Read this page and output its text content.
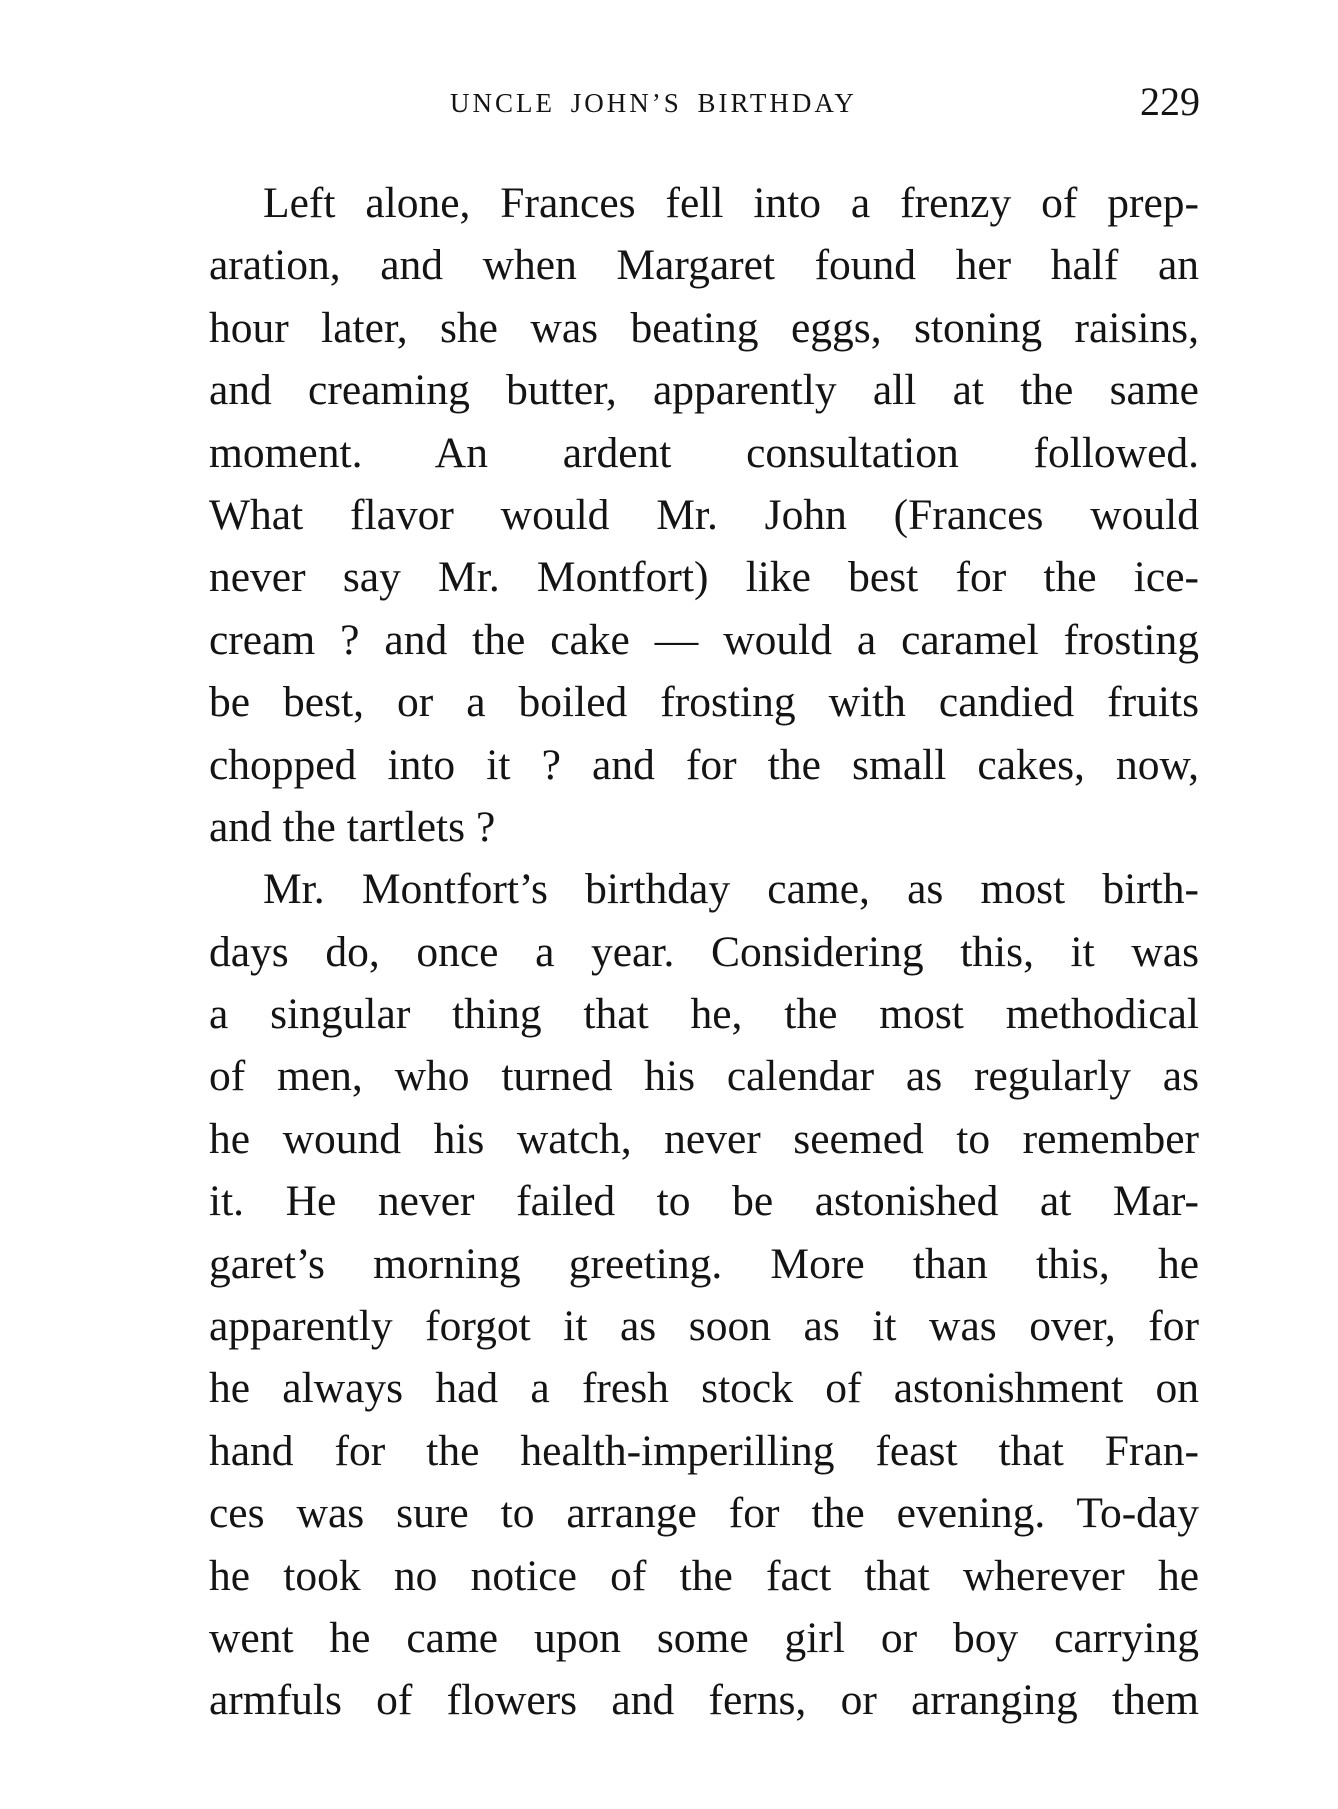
UNCLE JOHN’S BIRTHDAY	229
Left alone, Frances fell into a frenzy of prep-
aration, and when Margaret found her half an
hour later, she was beating eggs, stoning raisins,
and creaming butter, apparently all at the same
moment. An ardent consultation followed.
What flavor would Mr. John (Frances would
never say Mr. Montfort) like best for the ice-
cream ? and the cake — would a caramel frosting
be best, or a boiled frosting with candied fruits
chopped into it ? and for the small cakes, now,
and the tartlets ?
Mr. Montfort’s birthday came, as most birth-
days do, once a year. Considering this, it was
a singular thing that he, the most methodical
of men, who turned his calendar as regularly as
he wound his watch, never seemed to remember
it. He never failed to be astonished at Mar-
garet’s morning greeting. More than this, he
apparently forgot it as soon as it was over, for
he always had a fresh stock of astonishment on
hand for the health-imperilling feast that Fran-
ces was sure to arrange for the evening. To-day
he took no notice of the fact that wherever he
went he came upon some girl or boy carrying
armfuls of flowers and ferns, or arranging them
